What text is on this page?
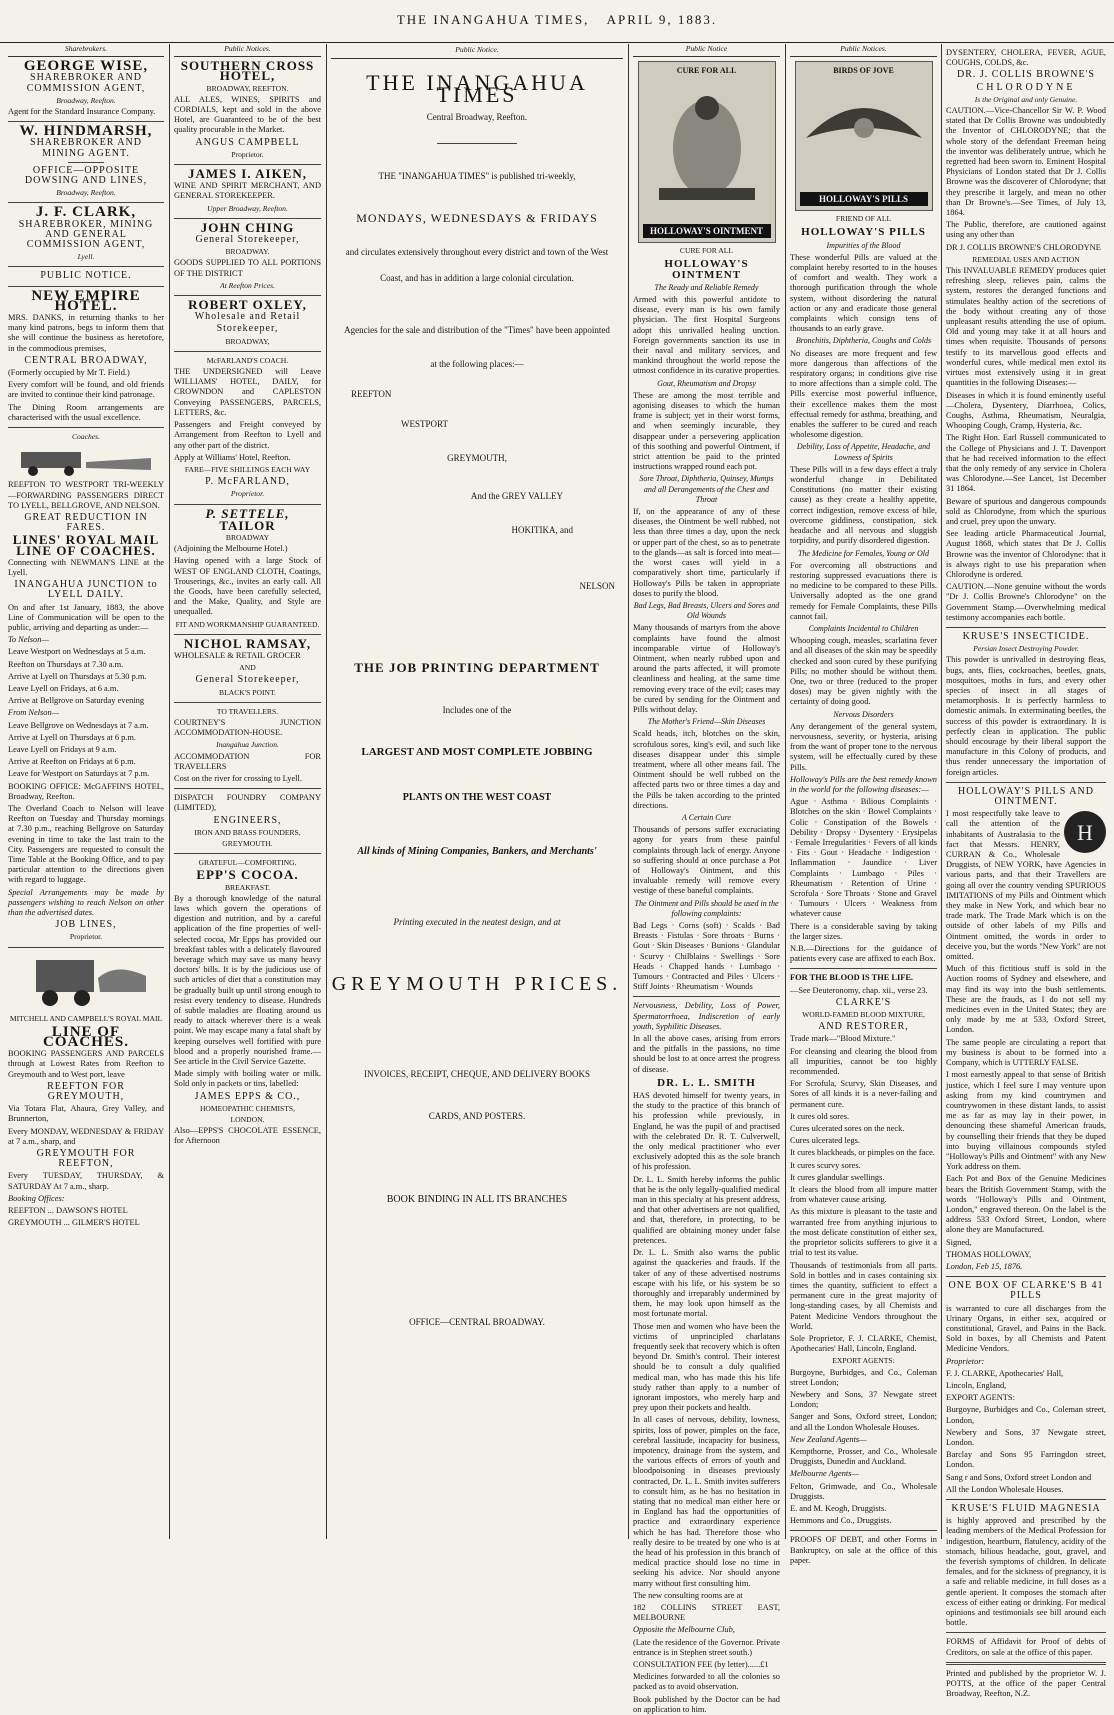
THE INANGAHUA TIMES, APRIL 9, 1883.
Sharebrokers.
GEORGE WISE,
SHAREBROKER AND COMMISSION AGENT,
Broadway, Reefton.

Agent for the Standard Insurance Company.

W. HINDMARSH,
SHAREBROKER AND MINING AGENT.
OFFICE—OPPOSITE DOWSING AND LINES,
Broadway, Reefton.
J. F. CLARK,
SHAREBROKER, MINING AND GENERAL COMMISSION AGENT,
Lyell.
PUBLIC NOTICE.
NEW EMPIRE HOTEL.

MRS. DANKS, in returning thanks to her many kind patrons, begs to inform them that she will continue the business as heretofore, in the commodious premises,

CENTRAL BROADWAY,

(Formerly occupied by Mr T. Field.)

Every comfort will be found, and old friends are invited to continue their kind patronage.

The Dining Room arrangements are characterised with the usual excellence.

Coaches.

REEFTON TO WESTPORT TRI-WEEKLY—FORWARDING PASSENGERS DIRECT TO LYELL, BELLGROVE, AND NELSON.

GREAT REDUCTION IN FARES.
LINES' ROYAL MAIL LINE OF COACHES.

Connecting with NEWMAN'S LINE at the Lyell.

INANGAHUA JUNCTION to LYELL DAILY.

On and after 1st January, 1883, the above Line of Communication will be open to the public, arriving and departing as under:—

To Nelson—

Leave Westport on Wednesdays at 5 a.m.

Reefton on Thursdays at 7.30 a.m.

Arrive at Lyell on Thursdays at 5.30 p.m.

Leave Lyell on Fridays, at 6 a.m.

Arrive at Bellgrove on Saturday evening

From Nelson—

Leave Bellgrove on Wednesdays at 7 a.m.

Arrive at Lyell on Thursdays at 6 p.m.

Leave Lyell on Fridays at 9 a.m.

Arrive at Reefton on Fridays at 6 p.m.

Leave for Westport on Saturdays at 7 p.m.

BOOKING OFFICE: McGAFFIN'S HOTEL, Broadway, Reefton.

The Overland Coach to Nelson will leave Reefton on Tuesday and Thursday mornings at 7.30 p.m., reaching Bellgrove on Saturday evening in time to take the last train to the City. Passengers are requested to consult the Time Table at the Booking Office, and to pay particular attention to the directions given with regard to luggage.

Special Arrangements may be made by passengers wishing to reach Nelson on other than the advertised dates.

JOB LINES,
Proprietor.
MITCHELL AND CAMPBELL'S ROYAL MAIL
LINE OF COACHES.

BOOKING PASSENGERS AND PARCELS through at Lowest Rates from Reefton to Greymouth and to West port, leave

REEFTON FOR GREYMOUTH,

Via Totara Flat, Ahaura, Grey Valley, and Brunnerton,

Every MONDAY, WEDNESDAY & FRIDAY at 7 a.m., sharp, and

GREYMOUTH FOR REEFTON,

Every TUESDAY, THURSDAY, & SATURDAY At 7 a.m., sharp.

Booking Offices:

REEFTON ... DAWSON'S HOTEL

GREYMOUTH ... GILMER'S HOTEL

Public Notices.
SOUTHERN CROSS HOTEL,
BROADWAY, REEFTON.

ALL ALES, WINES, SPIRITS and CORDIALS, kept and sold in the above Hotel, are Guaranteed to be of the best quality procurable in the Market.

ANGUS CAMPBELL
Proprietor.
JAMES I. AIKEN,

WINE AND SPIRIT MERCHANT, AND GENERAL STOREKEEPER.

Upper Broadway, Reefton.
JOHN CHING
General Storekeeper,
BROADWAY.

GOODS SUPPLIED TO ALL PORTIONS OF THE DISTRICT

At Reefton Prices.
ROBERT OXLEY,
Wholesale and Retail
Storekeeper,
BROADWAY,
McFARLAND'S COACH.

THE UNDERSIGNED will Leave WILLIAMS' HOTEL, DAILY, for CROWNDON and CAPLESTON Conveying PASSENGERS, PARCELS, LETTERS, &c.

Passengers and Freight conveyed by Arrangement from Reefton to Lyell and any other part of the district.

Apply at Williams' Hotel, Reefton.

FARE—FIVE SHILLINGS EACH WAY
P. McFARLAND,
Proprietor.
P. SETTELE,
TAILOR
BROADWAY

(Adjoining the Melbourne Hotel.)

Having opened with a large Stock of WEST OF ENGLAND CLOTH, Coatings, Trouserings, &c., invites an early call. All the Goods, have been carefully selected, and the Make, Quality, and Style are unequalled.

FIT AND WORKMANSHIP GUARANTEED.
NICHOL RAMSAY,

WHOLESALE & RETAIL GROCER

AND
General Storekeeper,
BLACK'S POINT.
TO TRAVELLERS.

COURTNEY'S JUNCTION ACCOMMODATION-HOUSE.

Inangahua Junction.

ACCOMMODATION FOR TRAVELLERS

Cost on the river for crossing to Lyell.

DISPATCH FOUNDRY COMPANY (LIMITED),

ENGINEERS,
IRON AND BRASS FOUNDERS,
GREYMOUTH.
GRATEFUL—COMFORTING.
EPP'S COCOA.
BREAKFAST.

By a thorough knowledge of the natural laws which govern the operations of digestion and nutrition, and by a careful application of the fine properties of well-selected cocoa, Mr Epps has provided our breakfast tables with a delicately flavoured beverage which may save us many heavy doctors' bills. It is by the judicious use of such articles of diet that a constitution may be gradually built up until strong enough to resist every tendency to disease. Hundreds of subtle maladies are floating around us ready to attack wherever there is a weak point. We may escape many a fatal shaft by keeping ourselves well fortified with pure blood and a properly nourished frame.—See article in the Civil Service Gazette.

Made simply with boiling water or milk. Sold only in packets or tins, labelled:

JAMES EPPS & CO.,
HOMEOPATHIC CHEMISTS,
LONDON.

Also—EPPS'S CHOCOLATE ESSENCE, for Afternoon

Public Notice.
THE INANGAHUA TIMES

Central Broadway, Reefton.

THE "INANGAHUA TIMES" is published tri-weekly,

MONDAYS, WEDNESDAYS & FRIDAYS

and circulates extensively throughout every district and town of the West

Coast, and has in addition a large colonial circulation.

Agencies for the sale and distribution of the "Times" have been appointed

at the following places:—

REEFTON

WESTPORT

GREYMOUTH,

And the GREY VALLEY

HOKITIKA, and

NELSON

THE JOB PRINTING DEPARTMENT

Includes one of the

LARGEST AND MOST COMPLETE JOBBING

PLANTS ON THE WEST COAST

All kinds of Mining Companies, Bankers, and Merchants'

Printing executed in the neatest design, and at

GREYMOUTH PRICES.

INVOICES, RECEIPT, CHEQUE, AND DELIVERY BOOKS

CARDS, AND POSTERS.

BOOK BINDING IN ALL ITS BRANCHES

OFFICE—CENTRAL BROADWAY.

Public Notice
CURE FOR ALL
HOLLOWAY'S OINTMENT
CURE FOR ALL
HOLLOWAY'S OINTMENT
The Ready and Reliable Remedy

Armed with this powerful antidote to disease, every man is his own family physician. The first Hospital Surgeons adopt this unrivalled healing unction. Foreign governments sanction its use in their naval and military services, and mankind throughout the world repose the utmost confidence in its curative properties.

Gout, Rheumatism and Dropsy

These are among the most terrible and agonising diseases to which the human frame is subject; yet in their worst forms, and when seemingly incurable, they disappear under a persevering application of this soothing and powerful Ointment, if strict attention be paid to the printed instructions wrapped round each pot.

Sore Throat, Diphtheria, Quinsey, Mumps and all Derangements of the Chest and Throat

If, on the appearance of any of these diseases, the Ointment be well rubbed, not less than three times a day, upon the neck or upper part of the chest, so as to penetrate to the glands—as salt is forced into meat—the worst cases will yield in a comparatively short time, particularly if Holloway's Pills be taken in appropriate doses to purify the blood.

Bad Legs, Bad Breasts, Ulcers and Sores and Old Wounds

Many thousands of martyrs from the above complaints have found the almost incomparable virtue of Holloway's Ointment, when nearly rubbed upon and around the parts affected, it will promote cleanliness and healing, at the same time removing every trace of the evil; cases may be cured by sending for the Ointment and Pills without delay.

The Mother's Friend—Skin Diseases

Scald heads, itch, blotches on the skin, scrofulous sores, king's evil, and such like diseases disappear under this simple treatment, where all other means fail. The Ointment should be well rubbed on the affected parts two or three times a day and the Pills be taken according to the printed directions.

A Certain Cure

Thousands of persons suffer excruciating agony for years from these painful complaints through lack of energy. Anyone so suffering should at once purchase a Pot of Holloway's Ointment, and this invaluable remedy will remove every vestige of these baneful complaints.

The Ointment and Pills should be used in the following complaints:

Bad Legs · Corns (soft) · Scalds · Bad Breasts · Fistulas · Sore throats · Burns · Gout · Skin Diseases · Bunions · Glandular · Scurvy · Chilblains · Swellings · Sore Heads · Chapped hands · Lumbago · Tumours · Contracted and Piles · Ulcers · Stiff Joints · Rheumatism · Wounds

Nervousness, Debility, Loss of Power, Spermatorrhoea, Indiscretion of early youth, Syphilitic Diseases.

In all the above cases, arising from errors and the pitfalls in the passions, no time should be lost to at once arrest the progress of disease.

DR. L. L. SMITH

HAS devoted himself for twenty years, in the study to the practice of this branch of his profession while previously, in England, he was the pupil of and practised with the celebrated Dr. R. T. Culverwell, the only medical practitioner who ever exclusively adopted this as the sole branch of his profession.

Dr. L. L. Smith hereby informs the public that he is the only legally-qualified medical man in this specialty at his present address, and that other advertisers are not qualified, and that, therefore, in protecting, to be qualified are obtaining money under false pretences.

Dr. L. L. Smith also warns the public against the quackeries and frauds. If the taker of any of these advertised nostrums escape with his life, or his system be so thoroughly and irreparably undermined by them, he may look upon himself as the most fortunate mortal.

Those men and women who have been the victims of unprincipled charlatans frequently seek that recovery which is often beyond Dr. Smith's control. Their interest should be to consult a duly qualified medical man, who has made this his life study rather than apply to a number of ignorant impostors, who merely harp and prey upon their pockets and health.

In all cases of nervous, debility, lowness, spirits, loss of power, pimples on the face, cerebral lassitude, incapacity for business, impotency, drainage from the system, and the various effects of errors of youth and bloodpoisoning in diseases previously contracted, Dr. L. L. Smith invites sufferers to consult him, as he has no hesitation in stating that no medical man either here or in England has had the opportunities of practice and extraordinary experience which he has had. Therefore those who really desire to be treated by one who is at the head of his profession in this branch of medical practice should lose no time in seeking his advice. Nor should anyone marry without first consulting him.

The new consulting rooms are at

182 COLLINS STREET EAST, MELBOURNE

Opposite the Melbourne Club,

(Late the residence of the Governor. Private entrance is in Stephen street south.)

CONSULTATION FEE (by letter)......£1

Medicines forwarded to all the colonies so packed as to avoid observation.

Book published by the Doctor can be had on application to him.

Public Notices.
BIRDS OF JOVE
HOLLOWAY'S PILLS
FRIEND OF ALL
HOLLOWAY'S PILLS
Impurities of the Blood

These wonderful Pills are valued at the complaint hereby resorted to in the houses of comfort and wealth. They work a thorough purification through the whole system, without disordering the natural action or any and eradicate those general complaints which consign tens of thousands to an early grave.

Bronchitis, Diphtheria, Coughs and Colds

No diseases are more frequent and few more dangerous than affections of the respiratory organs; in conditions give rise to more affections than a simple cold. The Pills exercise most powerful influence, their excellence makes them the most effectual remedy for asthma, breathing, and enables the sufferer to be cured and reach wholesome digestion.

Debility, Loss of Appetite, Headache, and Lowness of Spirits

These Pills will in a few days effect a truly wonderful change in Debilitated Constitutions (no matter their existing cause) as they create a healthy appetite, correct indigestion, remove excess of bile, overcome giddiness, constipation, sick headache and all nervous and sluggish torpidity, and purify disordered digestion.

The Medicine for Females, Young or Old

For overcoming all obstructions and restoring suppressed evacuations there is no medicine to be compared to these Pills. Universally adopted as the one grand remedy for Female Complaints, these Pills cannot fail.

Complaints Incidental to Children

Whooping cough, measles, scarlatina fever and all diseases of the skin may be speedily checked and soon cured by these purifying Pills; no mother should be without them. One, two or three (reduced to the proper doses) may be given nightly with the certainty of doing good.

Nervous Disorders

Any derangement of the general system, nervousness, severity, or hysteria, arising from the want of proper tone to the nervous system, will be effectually cured by these Pills.

Holloway's Pills are the best remedy known in the world for the following diseases:—

Ague · Asthma · Bilious Complaints · Blotches on the skin · Bowel Complaints · Colic · Constipation of the Bowels · Debility · Dropsy · Dysentery · Erysipelas · Female Irregularities · Fevers of all kinds · Fits · Gout · Headache · Indigestion · Inflammation · Jaundice · Liver Complaints · Lumbago · Piles · Rheumatism · Retention of Urine · Scrofula · Sore Throats · Stone and Gravel · Tumours · Ulcers · Weakness from whatever cause

There is a considerable saving by taking the larger sizes.

N.B.—Directions for the guidance of patients every case are affixed to each Box.

FOR THE BLOOD IS THE LIFE.

—See Deuteronomy, chap. xii., verse 23.

CLARKE'S
WORLD-FAMED BLOOD MIXTURE,
AND RESTORER,

Trade mark—"Blood Mixture."

For cleansing and clearing the blood from all impurities, cannot be too highly recommended.

For Scrofula, Scurvy, Skin Diseases, and Sores of all kinds it is a never-failing and permanent cure.

It cures old sores.

Cures ulcerated sores on the neck.

Cures ulcerated legs.

It cures blackheads, or pimples on the face.

It cures scurvy sores.

It cures glandular swellings.

It clears the blood from all impure matter from whatever cause arising.

As this mixture is pleasant to the taste and warranted free from anything injurious to the most delicate constitution of either sex, the proprietor solicits sufferers to give it a trial to test its value.

Thousands of testimonials from all parts. Sold in bottles and in cases containing six times the quantity, sufficient to effect a permanent cure in the great majority of long-standing cases, by all Chemists and Patent Medicine Vendors throughout the World.

Sole Proprietor, F. J. CLARKE, Chemist, Apothecaries' Hall, Lincoln, England.

EXPORT AGENTS:

Burgoyne, Burbidges, and Co., Coleman street London;

Newbery and Sons, 37 Newgate street London;

Sanger and Sons, Oxford street, London; and all the London Wholesale Houses.

New Zealand Agents—

Kempthorne, Prosser, and Co., Wholesale Druggists, Dunedin and Auckland.

Melbourne Agents—

Felton, Grimwade, and Co., Wholesale Druggists.

E. and M. Keogh, Druggists.

Hemmons and Co., Druggists.

PROOFS OF DEBT, and other Forms in Bankruptcy, on sale at the office of this paper.

DYSENTERY, CHOLERA, FEVER, AGUE, COUGHS, COLDS, &c.

DR. J. COLLIS BROWNE'S
CHLORODYNE
Is the Original and only Genuine.

CAUTION.—Vice-Chancellor Sir W. P. Wood stated that Dr Collis Browne was undoubtedly the Inventor of CHLORODYNE; that the whole story of the defendant Freeman being the inventor was deliberately untrue, which he regretted had been sworn to. Eminent Hospital Physicians of London stated that Dr J. Collis Browne was the discoverer of Chlorodyne; that they prescribe it largely, and mean no other than Dr Browne's.—See Times, of July 13, 1864.

The Public, therefore, are cautioned against using any other than

DR J. COLLIS BROWNE'S CHLORODYNE

REMEDIAL USES AND ACTION

This INVALUABLE REMEDY produces quiet refreshing sleep, relieves pain, calms the system, restores the deranged functions and stimulates healthy action of the secretions of the body without creating any of those unpleasant results attending the use of opium. Old and young may take it at all hours and times when requisite. Thousands of persons testify to its marvellous good effects and wonderful cures, while medical men extol its virtues most extensively using it in great quantities in the following Diseases:—

Diseases in which it is found eminently useful—Cholera, Dysentery, Diarrhoea, Colics, Coughs, Asthma, Rheumatism, Neuralgia, Whooping Cough, Cramp, Hysteria, &c.

The Right Hon. Earl Russell communicated to the College of Physicians and J. T. Davenport that he had received information to the effect that the only remedy of any service in Cholera was Chlorodyne.—See Lancet, 1st December 31 1864.

Beware of spurious and dangerous compounds sold as Chlorodyne, from which the spurious and cruel, prey upon the unwary.

See leading article Pharmaceutical Journal, August 1868, which states that Dr J. Collis Browne was the inventor of Chlorodyne: that it is always right to use his preparation when Chlorodyne is ordered.

CAUTION.—None genuine without the words "Dr J. Collis Browne's Chlorodyne" on the Government Stamp.—Overwhelming medical testimony accompanies each bottle.

KRUSE'S INSECTICIDE.
Persian Insect Destroying Powder.

This powder is unrivalled in destroying fleas, bugs, ants, flies, cockroaches, beetles, gnats, mosquitoes, moths in furs, and every other species of insect in all stages of metamorphosis. It is perfectly harmless to domestic animals. In exterminating beetles, the success of this powder is extraordinary. It is perfectly clean in application. The public should encourage by their liberal support the manufacture in this Colony of products, and thus render unnecessary the importation of foreign articles.

HOLLOWAY'S PILLS AND OINTMENT.
H

I most respectfully take leave to call the attention of the inhabitants of Australasia to the fact that Messrs. HENRY, CURRAN & Co., Wholesale Druggists, of NEW YORK, have Agencies in various parts, and that their Travellers are going all over the country vending SPURIOUS IMITATIONS of my Pills and Ointment which they make in New York, and which bear no trade mark. The Trade Mark which is on the outside of other labels of my Pills and Ointment omitted, the words in order to deceive you, but the words "New York" are not omitted.

Much of this fictitious stuff is sold in the Auction rooms of Sydney and elsewhere, and may find its way into the bush settlements. These are the frauds, as I do not sell my medicines even in the United States; they are only made by me at 533, Oxford Street, London.

The same people are circulating a report that my business is about to be formed into a Company, which is UTTERLY FALSE.

I most earnestly appeal to that sense of British justice, which I feel sure I may venture upon asking from my kind countrymen and countrywomen in these distant lands, to assist me as far as may lay in their power, in denouncing these shameful American frauds, by counselling their friends that they be duped into buying villainous compounds styled "Holloway's Pills and Ointment" with any New York address on them.

Each Pot and Box of the Genuine Medicines bears the British Government Stamp, with the words "Holloway's Pills and Ointment, London," engraved thereon. On the label is the address 533 Oxford Street, London, where alone they are Manufactured.

Signed,

THOMAS HOLLOWAY,

London, Feb 15, 1876.

ONE BOX OF CLARKE'S B 41 PILLS

is warranted to cure all discharges from the Urinary Organs, in either sex, acquired or constitutional, Gravel, and Pains in the Back. Sold in boxes, by all Chemists and Patent Medicine Vendors.

Proprietor:

F. J. CLARKE, Apothecaries' Hall,

Lincoln, England,

EXPORT AGENTS:

Burgoyne, Burbidges and Co., Coleman street, London,

Newbery and Sons, 37 Newgate street, London.

Barclay and Sons 95 Farringdon street, London.

Sang r and Sons, Oxford street London and

All the London Wholesale Houses.

KRUSE'S FLUID MAGNESIA

is highly approved and prescribed by the leading members of the Medical Profession for indigestion, heartburn, flatulency, acidity of the stomach, bilious headache, gout, gravel, and the feverish symptoms of children. In delicate females, and for the sickness of pregnancy, it is a safe and reliable medicine, in full doses as a gentle aperient. It composes the stomach after excess of either eating or drinking. For medical opinions and testimonials see bill around each bottle.

FORMS of Affidavit for Proof of debts of Creditors, on sale at the office of this paper.

Printed and published by the proprietor W. J. POTTS, at the office of the paper Central Broadway, Reefton, N.Z.
